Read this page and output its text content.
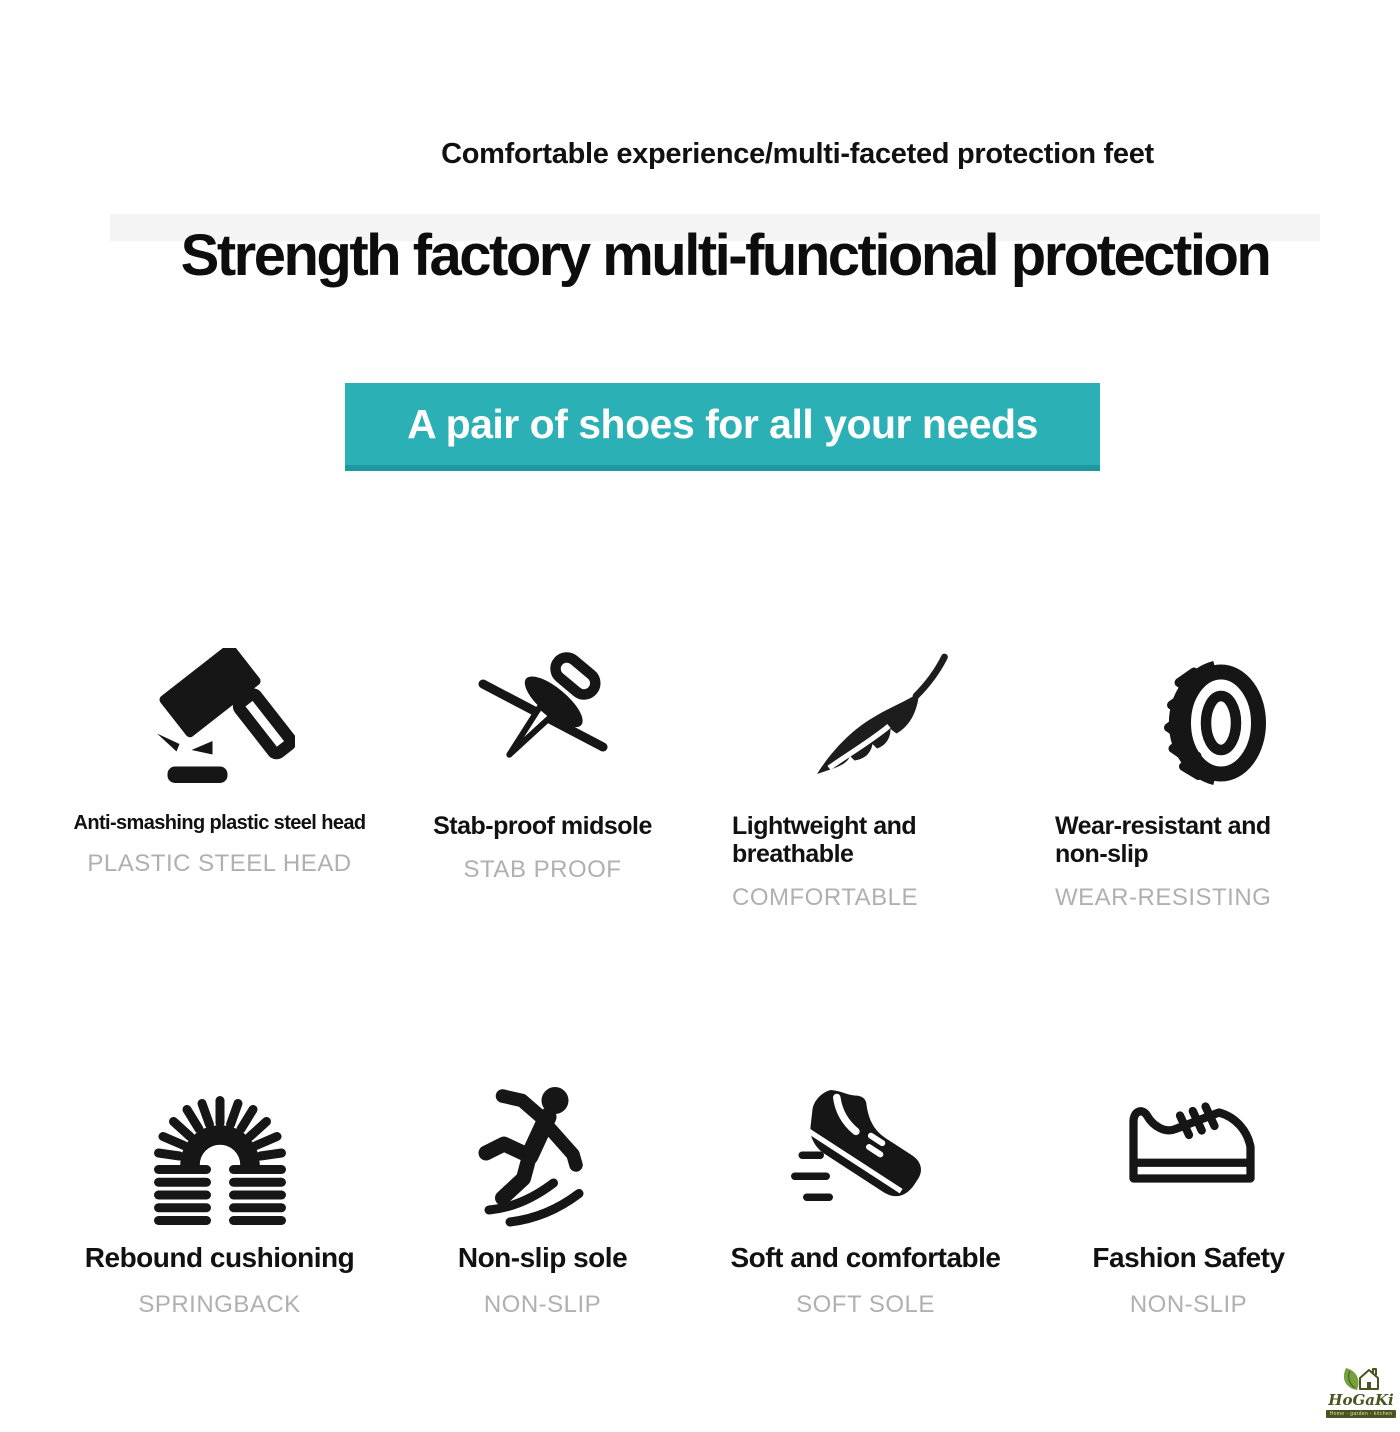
Comfortable experience/multi-faceted protection feet
Strength factory multi-functional protection
A pair of shoes for all your needs
Anti-smashing plastic steel head
PLASTIC STEEL HEAD
Stab-proof midsole
STAB PROOF
Lightweight and breathable
COMFORTABLE
Wear-resistant and non-slip
WEAR-RESISTING
Rebound cushioning
SPRINGBACK
Non-slip sole
NON-SLIP
Soft and comfortable
SOFT SOLE
Fashion Safety
NON-SLIP
HoGaKi
Home - garden - kitchen
